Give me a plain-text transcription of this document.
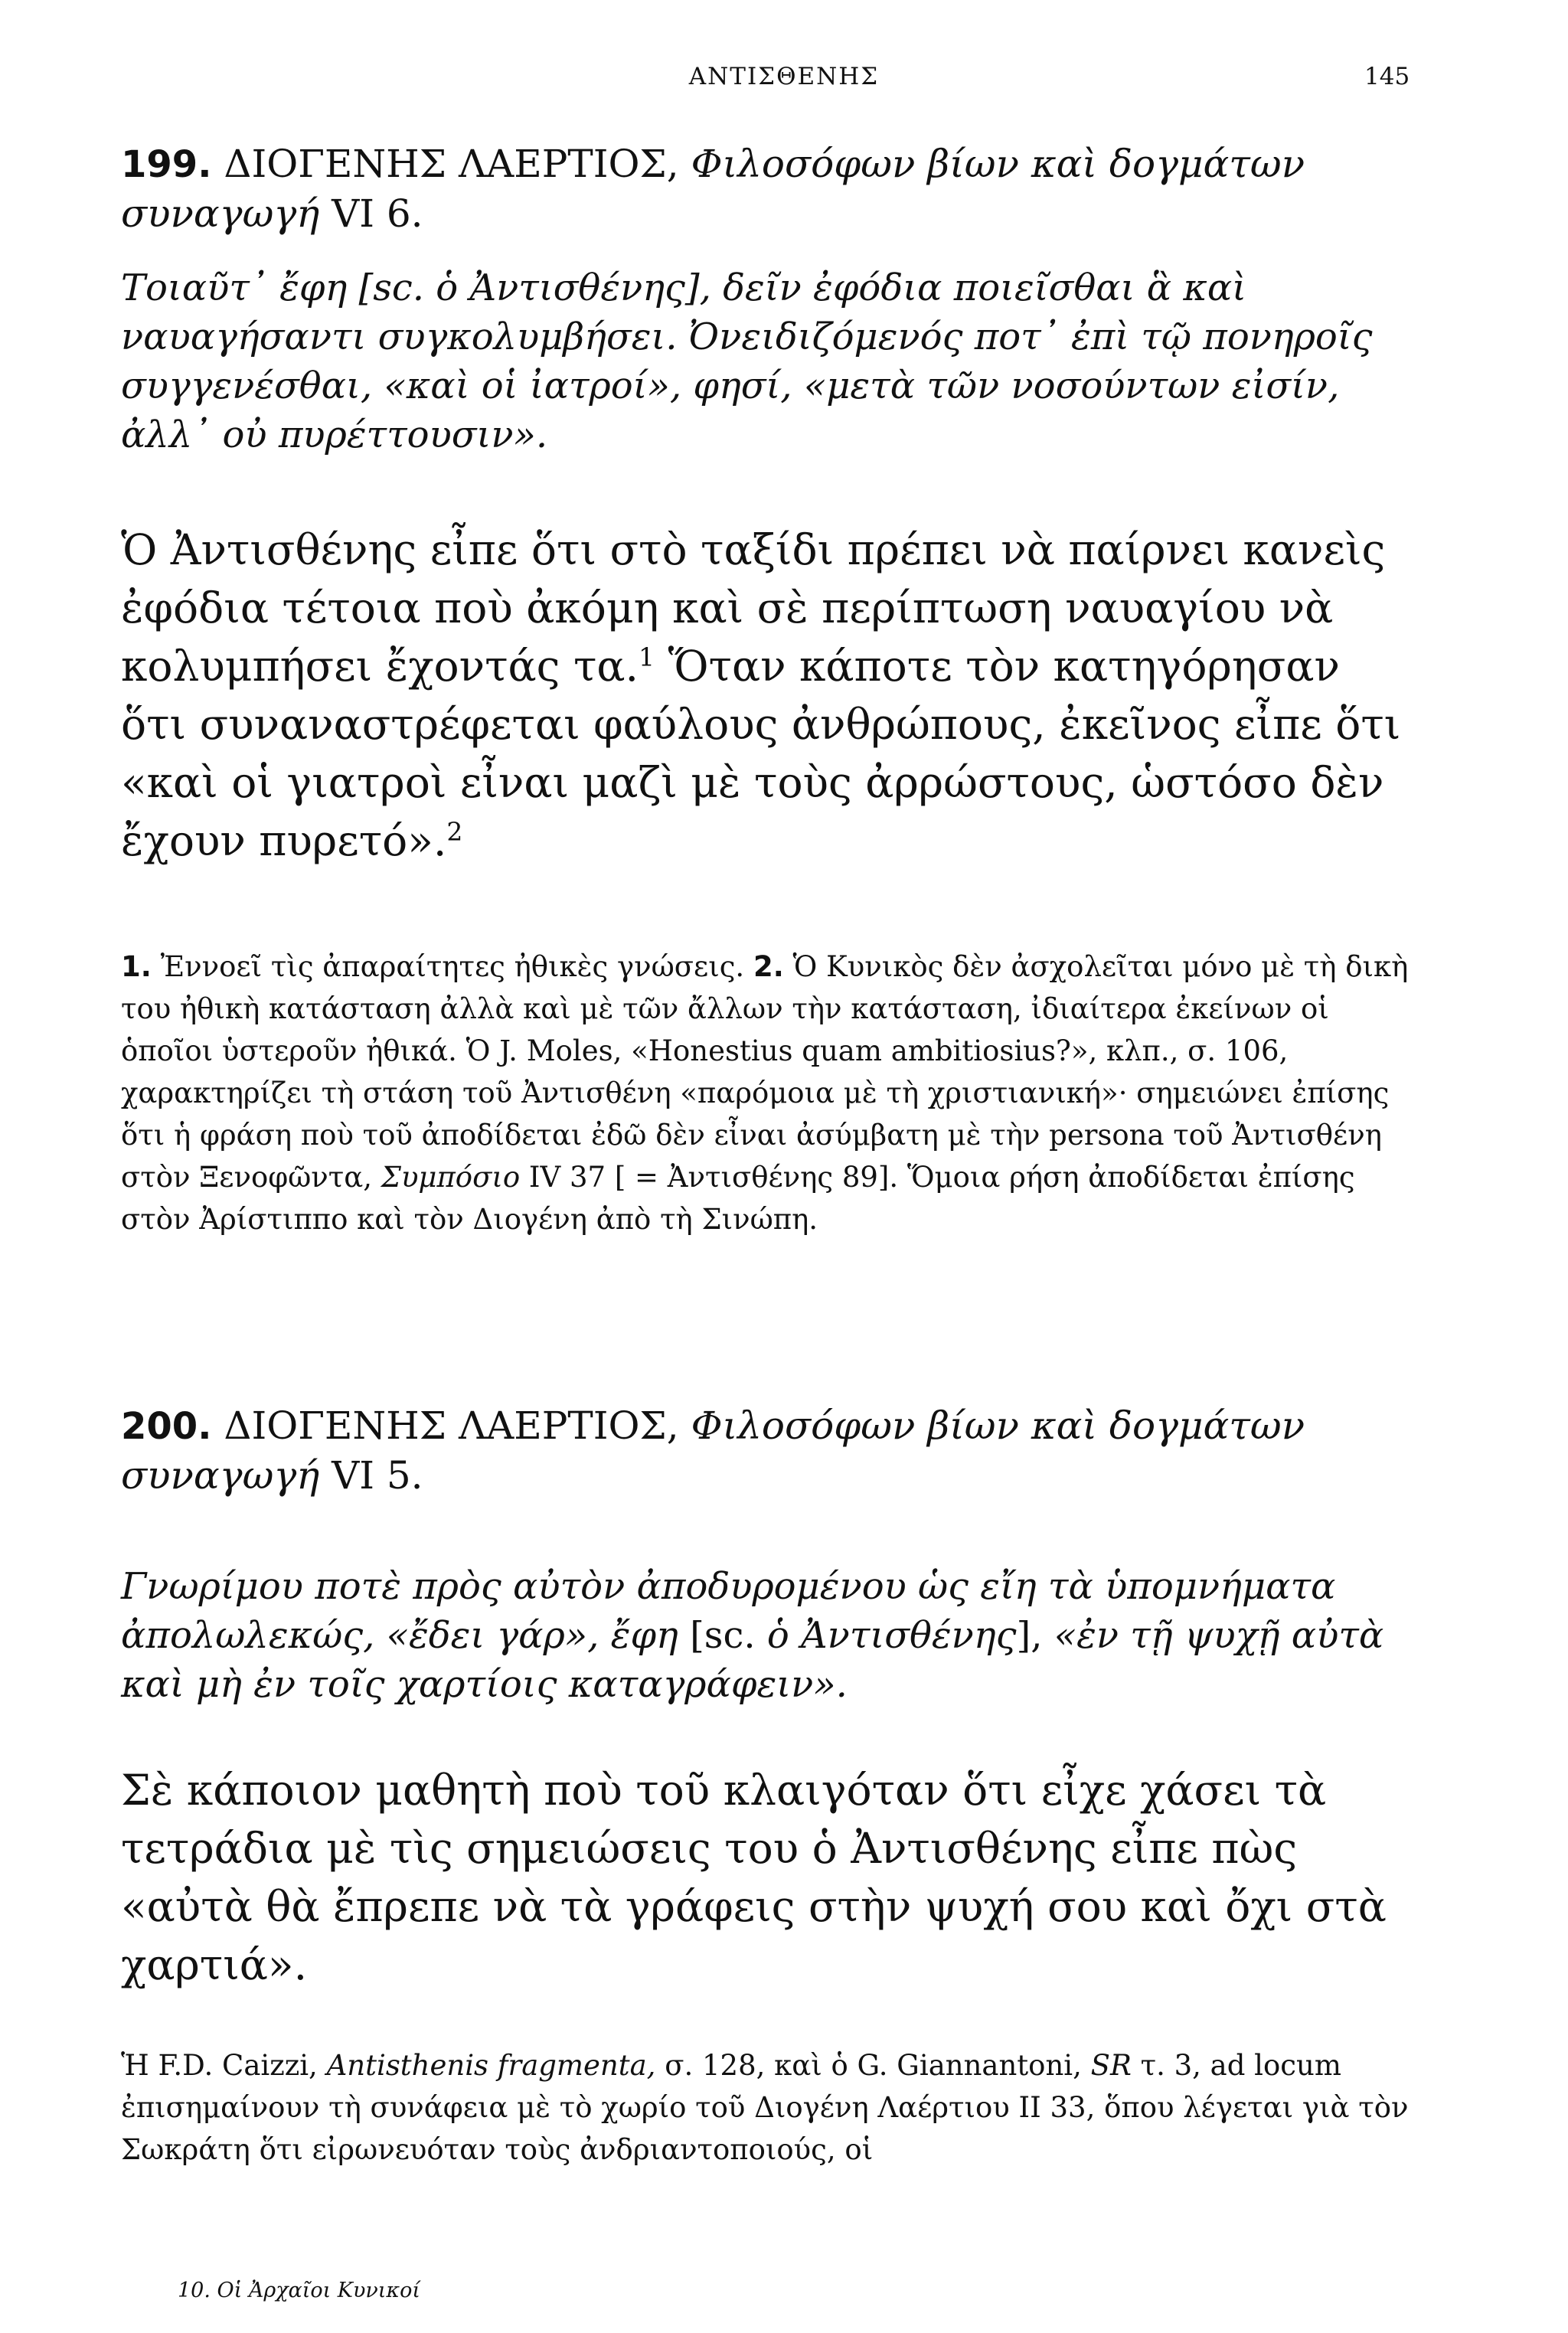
ΑΝΤΙΣΘΕΝΗΣ	145
199. ΔΙΟΓΕΝΗΣ ΛΑΕΡΤΙΟΣ, Φιλοσόφων βίων καὶ δογμάτων συναγωγή VI 6.
Τοιαῦτ᾽ ἔφη [sc. ὁ Ἀντισθένης], δεῖν ἐφόδια ποιεῖσθαι ἃ καὶ ναυαγήσαντι συγκολυμβήσει. Ὀνειδιζόμενός ποτ᾽ ἐπὶ τῷ πονηροῖς συγγενέσθαι, «καὶ οἱ ἰατροί», φησί, «μετὰ τῶν νοσούντων εἰσίν, ἀλλ᾽ οὐ πυρέττουσιν».
Ὁ Ἀντισθένης εἶπε ὅτι στὸ ταξίδι πρέπει νὰ παίρνει κανεὶς ἐφόδια τέτοια ποὺ ἀκόμη καὶ σὲ περίπτωση ναυαγίου νὰ κολυμπήσει ἔχοντάς τα.$^1$ Ὅταν κάποτε τὸν κατηγόρησαν ὅτι συναναστρέφεται φαύλους ἀνθρώπους, ἐκεῖνος εἶπε ὅτι «καὶ οἱ γιατροὶ εἶναι μαζὶ μὲ τοὺς ἀρρώστους, ὡστόσο δὲν ἔχουν πυρετό».$^2$
1. Ἐννοεῖ τὶς ἀπαραίτητες ἠθικὲς γνώσεις. 2. Ὁ Κυνικὸς δὲν ἀσχολεῖται μόνο μὲ τὴ δικὴ του ἠθικὴ κατάσταση ἀλλὰ καὶ μὲ τῶν ἄλλων τὴν κατάσταση, ἰδιαίτερα ἐκείνων οἱ ὁποῖοι ὑστεροῦν ἠθικά. Ὁ J. Moles, «Honestius quam ambitiosius?», κλπ., σ. 106, χαρακτηρίζει τὴ στάση τοῦ Ἀντισθένη «παρόμοια μὲ τὴ χριστιανική»· σημειώνει ἐπίσης ὅτι ἡ φράση ποὺ τοῦ ἀποδίδεται ἐδῶ δὲν εἶναι ἀσύμβατη μὲ τὴν persona τοῦ Ἀντισθένη στὸν Ξενοφῶντα, Συμπόσιο IV 37 [ = Ἀντισθένης 89]. Ὅμοια ρήση ἀποδίδεται ἐπίσης στὸν Ἀρίστιππο καὶ τὸν Διογένη ἀπὸ τὴ Σινώπη.
200. ΔΙΟΓΕΝΗΣ ΛΑΕΡΤΙΟΣ, Φιλοσόφων βίων καὶ δογμάτων συναγωγή VI 5.
Γνωρίμου ποτὲ πρὸς αὐτὸν ἀποδυρομένου ὡς εἴη τὰ ὑπομνήματα ἀπολωλεκώς, «ἔδει γάρ», ἔφη [sc. ὁ Ἀντισθένης], «ἐν τῇ ψυχῇ αὐτὰ καὶ μὴ ἐν τοῖς χαρτίοις καταγράφειν».
Σὲ κάποιον μαθητὴ ποὺ τοῦ κλαιγόταν ὅτι εἶχε χάσει τὰ τετράδια μὲ τὶς σημειώσεις του ὁ Ἀντισθένης εἶπε πὼς «αὐτὰ θὰ ἔπρεπε νὰ τὰ γράφεις στὴν ψυχή σου καὶ ὄχι στὰ χαρτιά».
Ἡ F.D. Caizzi, Antisthenis fragmenta, σ. 128, καὶ ὁ G. Giannantoni, SR τ. 3, ad locum ἐπισημαίνουν τὴ συνάφεια μὲ τὸ χωρίο τοῦ Διογένη Λαέρτιου II 33, ὅπου λέγεται γιὰ τὸν Σωκράτη ὅτι εἰρωνευόταν τοὺς ἀνδριαντοποιούς, οἱ
10. Οἱ Ἀρχαῖοι Κυνικοί
